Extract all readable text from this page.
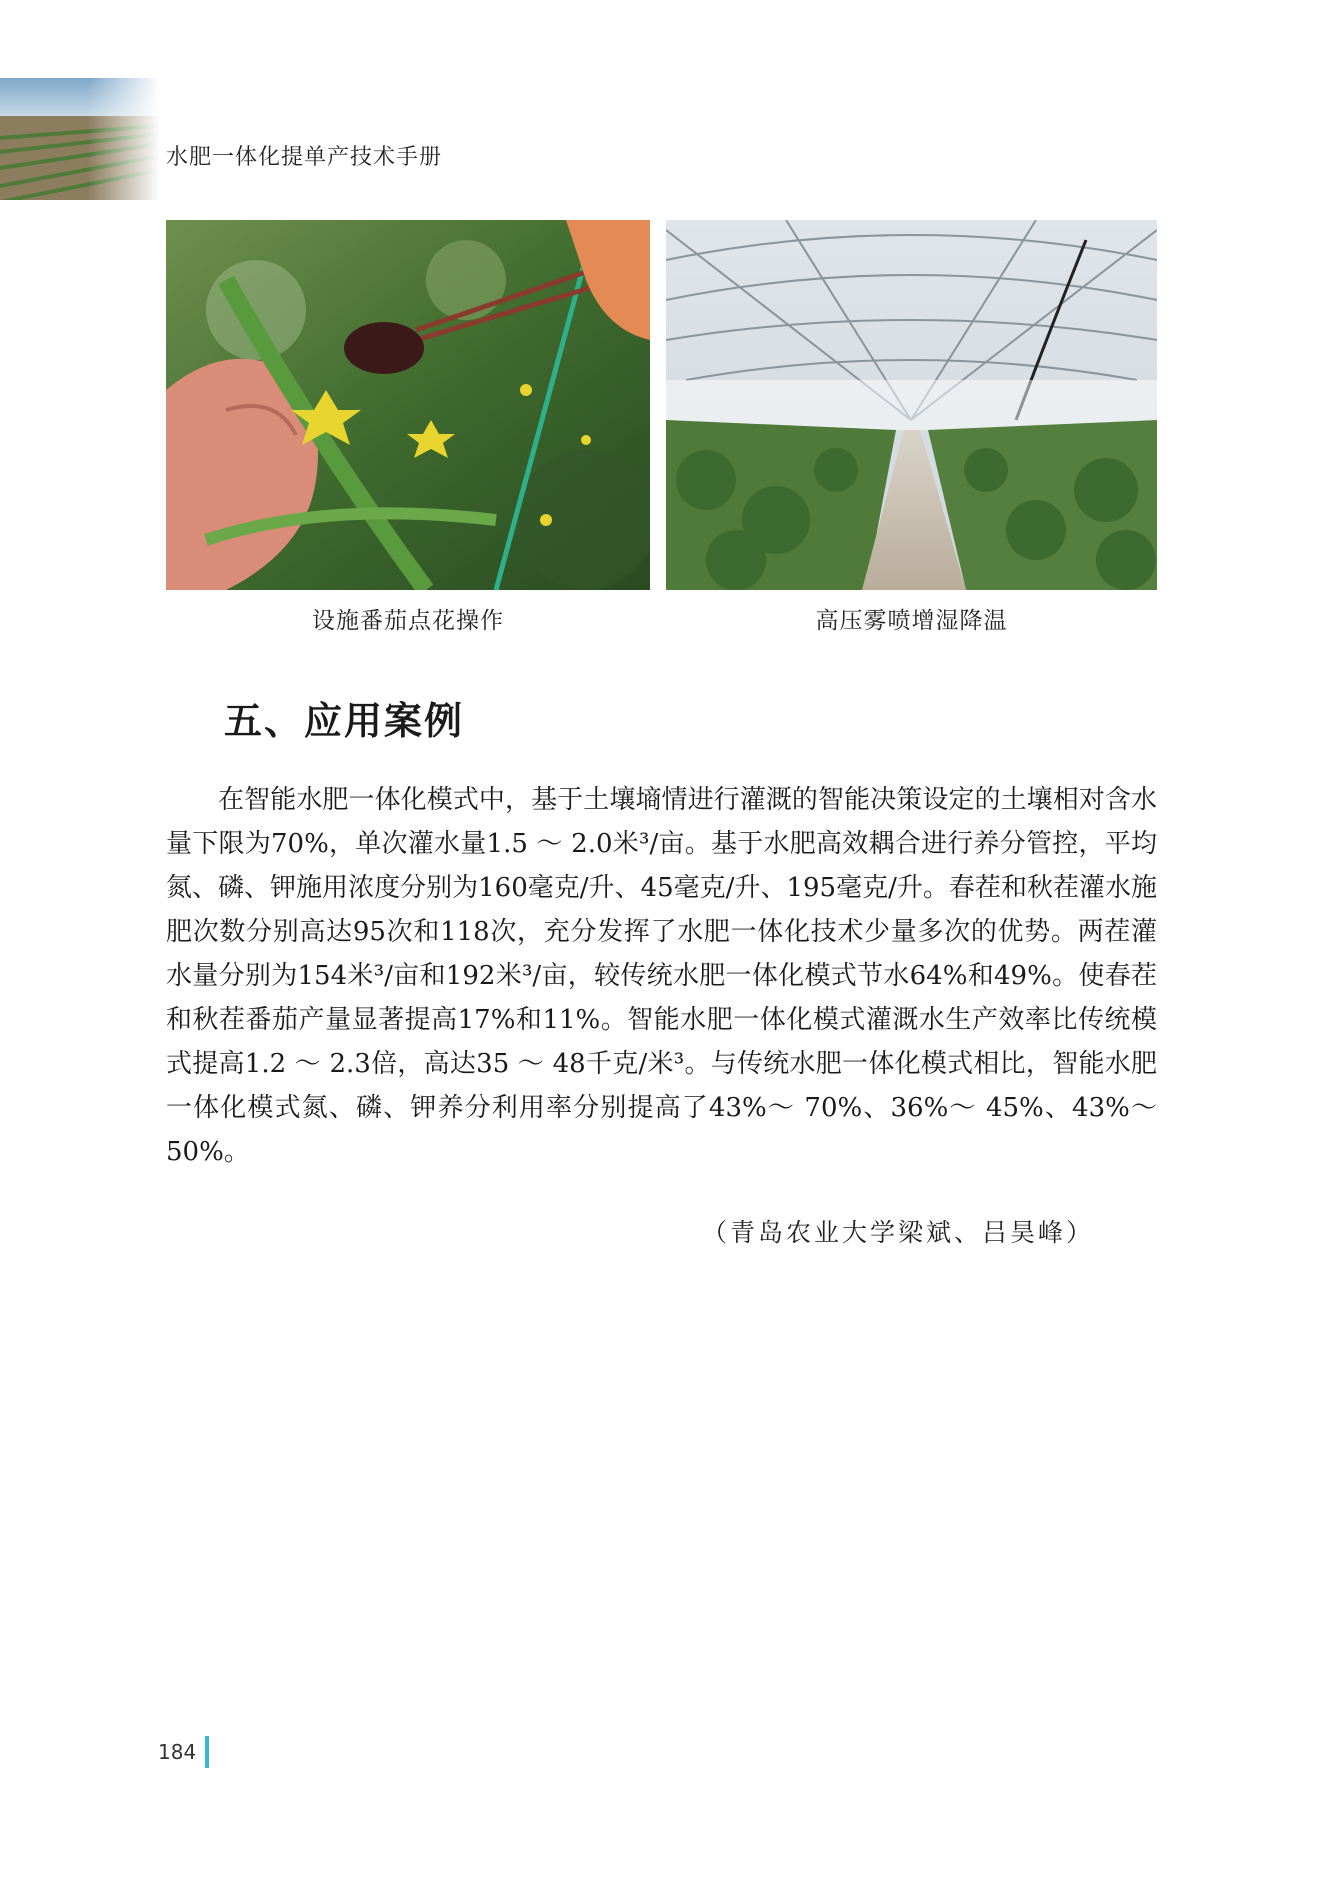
水肥一体化提单产技术手册
设施番茄点花操作	高压雾喷增湿降温
五、应用案例

在智能水肥一体化模式中，基于土壤墒情进行灌溉的智能决策设定的土壤相对含水量下限为70%，单次灌水量1.5 ～ 2.0米³/亩。基于水肥高效耦合进行养分管控，平均氮、磷、钾施用浓度分别为160毫克/升、45毫克/升、195毫克/升。春茬和秋茬灌水施肥次数分别高达95次和118次，充分发挥了水肥一体化技术少量多次的优势。两茬灌水量分别为154米³/亩和192米³/亩，较传统水肥一体化模式节水64%和49%。使春茬和秋茬番茄产量显著提高17%和11%。智能水肥一体化模式灌溉水生产效率比传统模式提高1.2 ～ 2.3倍，高达35 ～ 48千克/米³。与传统水肥一体化模式相比，智能水肥一体化模式氮、磷、钾养分利用率分别提高了43%～ 70%、36%～ 45%、43%～ 50%。

（青岛农业大学梁斌、吕昊峰）
184
